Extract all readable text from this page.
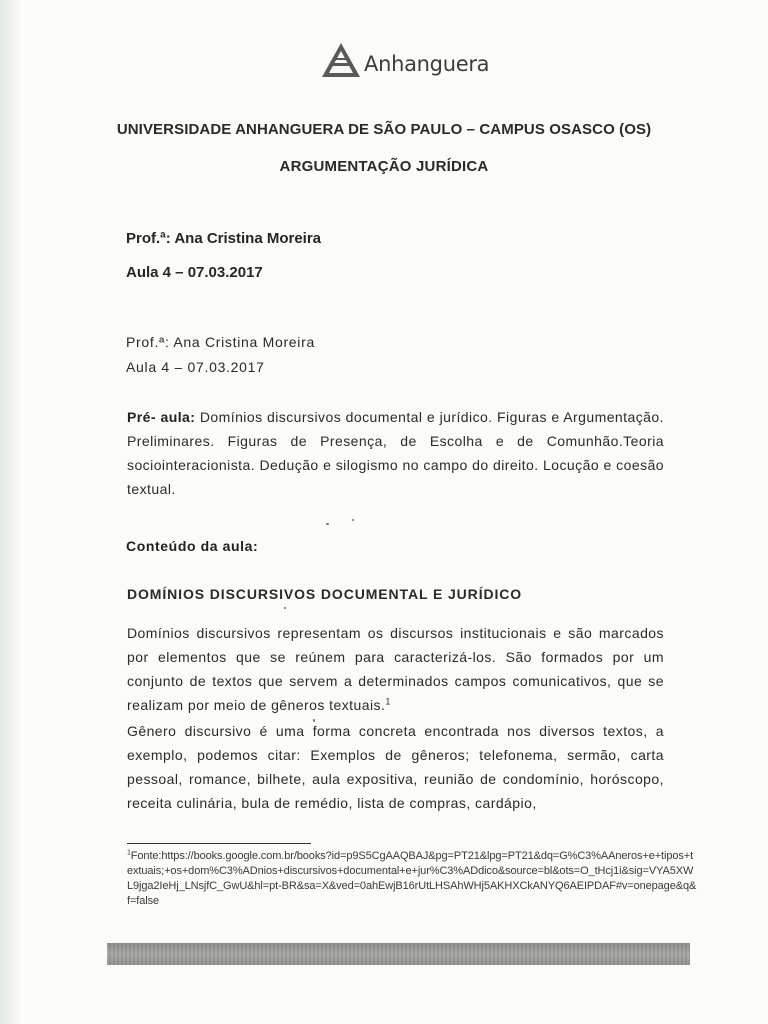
Anhanguera
UNIVERSIDADE ANHANGUERA DE SÃO PAULO – CAMPUS OSASCO (OS)
ARGUMENTAÇÃO JURÍDICA
Prof.ª: Ana Cristina Moreira
Aula 4 – 07.03.2017
Prof.ª: Ana Cristina Moreira
Aula 4 – 07.03.2017
Pré- aula: Domínios discursivos documental e jurídico. Figuras e Argumentação. Preliminares. Figuras de Presença, de Escolha e de Comunhão.Teoria sociointeracionista. Dedução e silogismo no campo do direito. Locução e coesão textual.
Conteúdo da aula:
DOMÍNIOS DISCURSIVOS DOCUMENTAL E JURÍDICO
Domínios discursivos representam os discursos institucionais e são marcados por elementos que se reúnem para caracterizá-los. São formados por um conjunto de textos que servem a determinados campos comunicativos, que se realizam por meio de gêneros textuais.$^1$
Gênero discursivo é uma forma concreta encontrada nos diversos textos, a exemplo, podemos citar: Exemplos de gêneros; telefonema, sermão, carta pessoal, romance, bilhete, aula expositiva, reunião de condomínio, horóscopo, receita culinária, bula de remédio, lista de compras, cardápio,
$^1$Fonte:https://books.google.com.br/books?id=p9S5CgAAQBAJ&pg=PT21&lpg=PT21&dq=G%C3%AAneros+e+tipos+textuais;+os+dom%C3%ADnios+discursivos+documental+e+jur%C3%ADdico&source=bl&ots=O_tHcj1i&sig=VYA5XWL9jga2IeHj_LNsjfC_GwU&hl=pt-BR&sa=X&ved=0ahEwjB16rUtLHSAhWHj5AKHXCkANYQ6AEIPDAF#v=onepage&q&f=false
